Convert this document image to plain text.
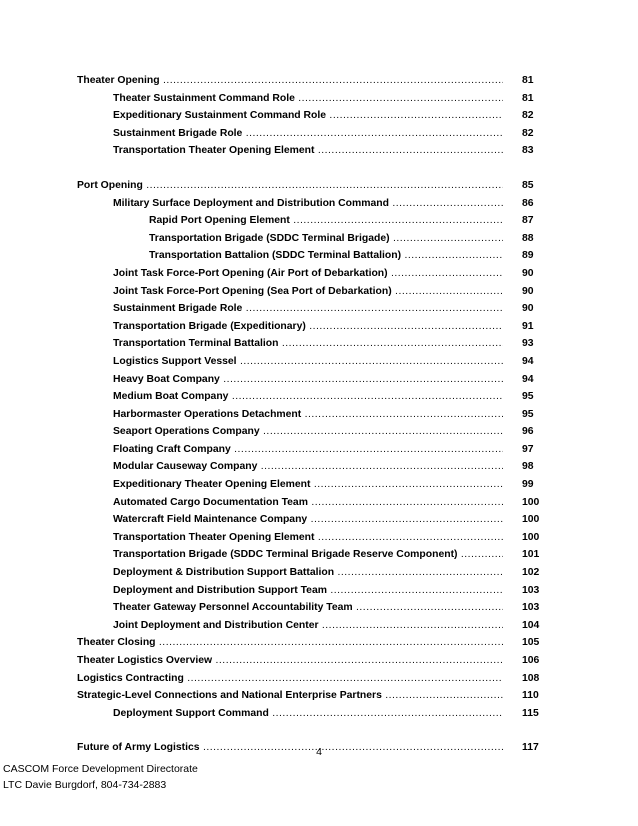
Theater Opening .....	81
Theater Sustainment Command Role .....	81
Expeditionary Sustainment Command Role .....	82
Sustainment Brigade Role .....	82
Transportation Theater Opening Element .....	83
Port Opening .....	85
Military Surface Deployment and Distribution Command .....	86
Rapid Port Opening Element .....	87
Transportation Brigade (SDDC Terminal Brigade) .....	88
Transportation Battalion (SDDC Terminal Battalion) .....	89
Joint Task Force-Port Opening (Air Port of Debarkation) .....	90
Joint Task Force-Port Opening (Sea Port of Debarkation) .....	90
Sustainment Brigade Role .....	90
Transportation Brigade (Expeditionary) .....	91
Transportation Terminal Battalion .....	93
Logistics Support Vessel .....	94
Heavy Boat Company .....	94
Medium Boat Company .....	95
Harbormaster Operations Detachment .....	95
Seaport Operations Company .....	96
Floating Craft Company .....	97
Modular Causeway Company .....	98
Expeditionary Theater Opening Element .....	99
Automated Cargo Documentation Team .....	100
Watercraft Field Maintenance Company .....	100
Transportation Theater Opening Element .....	100
Transportation Brigade (SDDC Terminal Brigade Reserve Component) .....	101
Deployment & Distribution Support Battalion .....	102
Deployment and Distribution Support Team .....	103
Theater Gateway Personnel Accountability Team .....	103
Joint Deployment and Distribution Center .....	104
Theater Closing .....	105
Theater Logistics Overview .....	106
Logistics Contracting .....	108
Strategic-Level Connections and National Enterprise Partners .....	110
Deployment Support Command .....	115
Future of Army Logistics .....	117
4
CASCOM Force Development Directorate
LTC Davie Burgdorf, 804-734-2883
